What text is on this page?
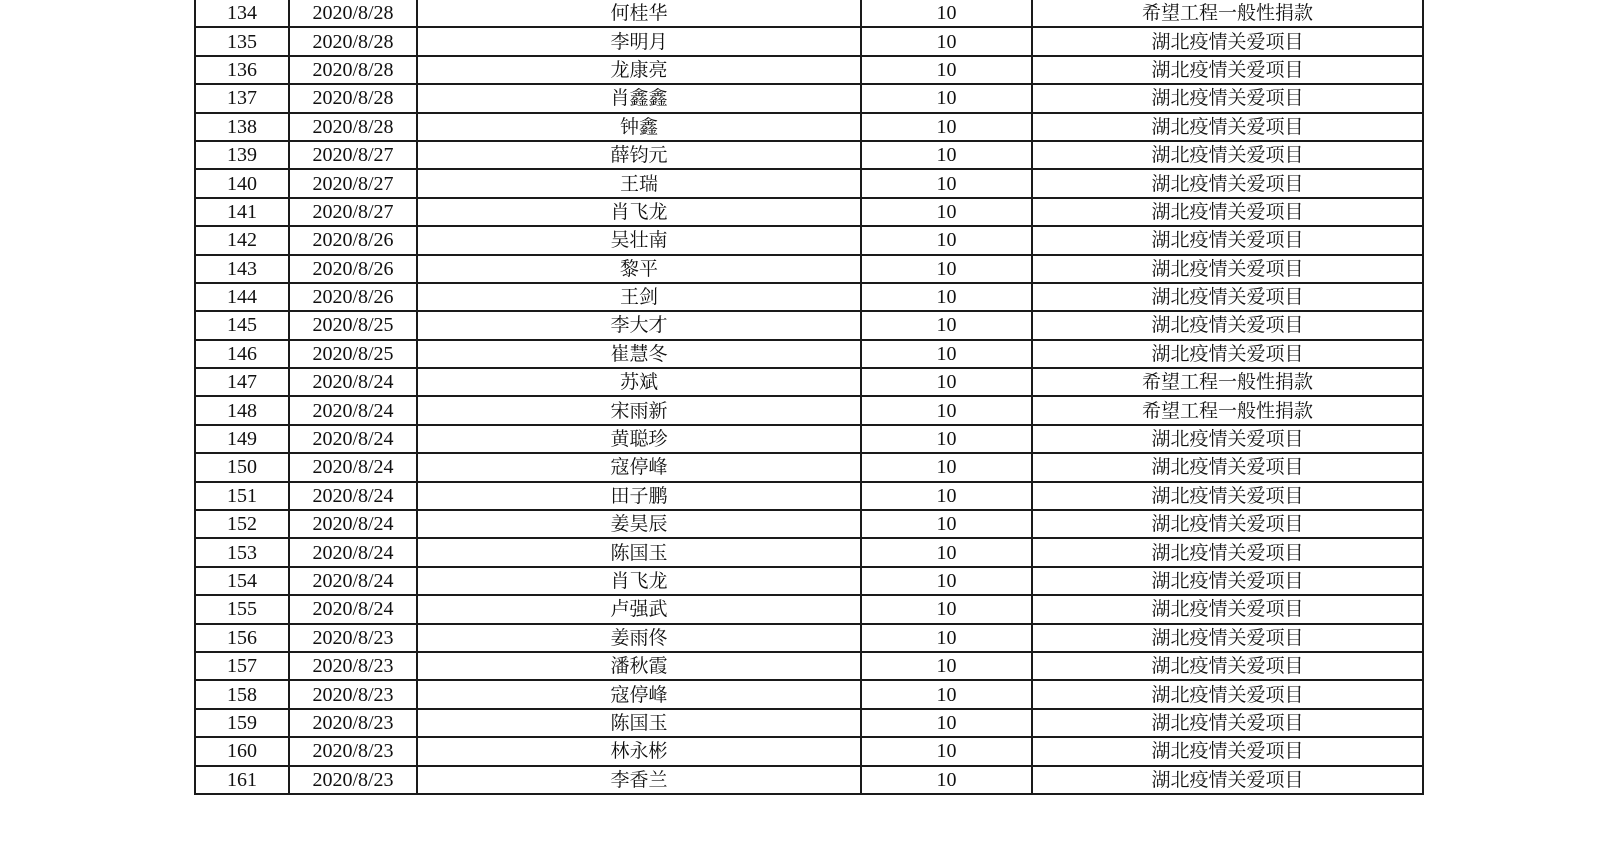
134	2020/8/28	何桂华	10	希望工程一般性捐款
135	2020/8/28	李明月	10	湖北疫情关爱项目
136	2020/8/28	龙康亮	10	湖北疫情关爱项目
137	2020/8/28	肖鑫鑫	10	湖北疫情关爱项目
138	2020/8/28	钟鑫	10	湖北疫情关爱项目
139	2020/8/27	薛钧元	10	湖北疫情关爱项目
140	2020/8/27	王瑞	10	湖北疫情关爱项目
141	2020/8/27	肖飞龙	10	湖北疫情关爱项目
142	2020/8/26	吴壮南	10	湖北疫情关爱项目
143	2020/8/26	黎平	10	湖北疫情关爱项目
144	2020/8/26	王剑	10	湖北疫情关爱项目
145	2020/8/25	李大才	10	湖北疫情关爱项目
146	2020/8/25	崔慧冬	10	湖北疫情关爱项目
147	2020/8/24	苏斌	10	希望工程一般性捐款
148	2020/8/24	宋雨新	10	希望工程一般性捐款
149	2020/8/24	黄聪珍	10	湖北疫情关爱项目
150	2020/8/24	寇停峰	10	湖北疫情关爱项目
151	2020/8/24	田子鹏	10	湖北疫情关爱项目
152	2020/8/24	姜昊辰	10	湖北疫情关爱项目
153	2020/8/24	陈国玉	10	湖北疫情关爱项目
154	2020/8/24	肖飞龙	10	湖北疫情关爱项目
155	2020/8/24	卢强武	10	湖北疫情关爱项目
156	2020/8/23	姜雨佟	10	湖北疫情关爱项目
157	2020/8/23	潘秋霞	10	湖北疫情关爱项目
158	2020/8/23	寇停峰	10	湖北疫情关爱项目
159	2020/8/23	陈国玉	10	湖北疫情关爱项目
160	2020/8/23	林永彬	10	湖北疫情关爱项目
161	2020/8/23	李香兰	10	湖北疫情关爱项目
